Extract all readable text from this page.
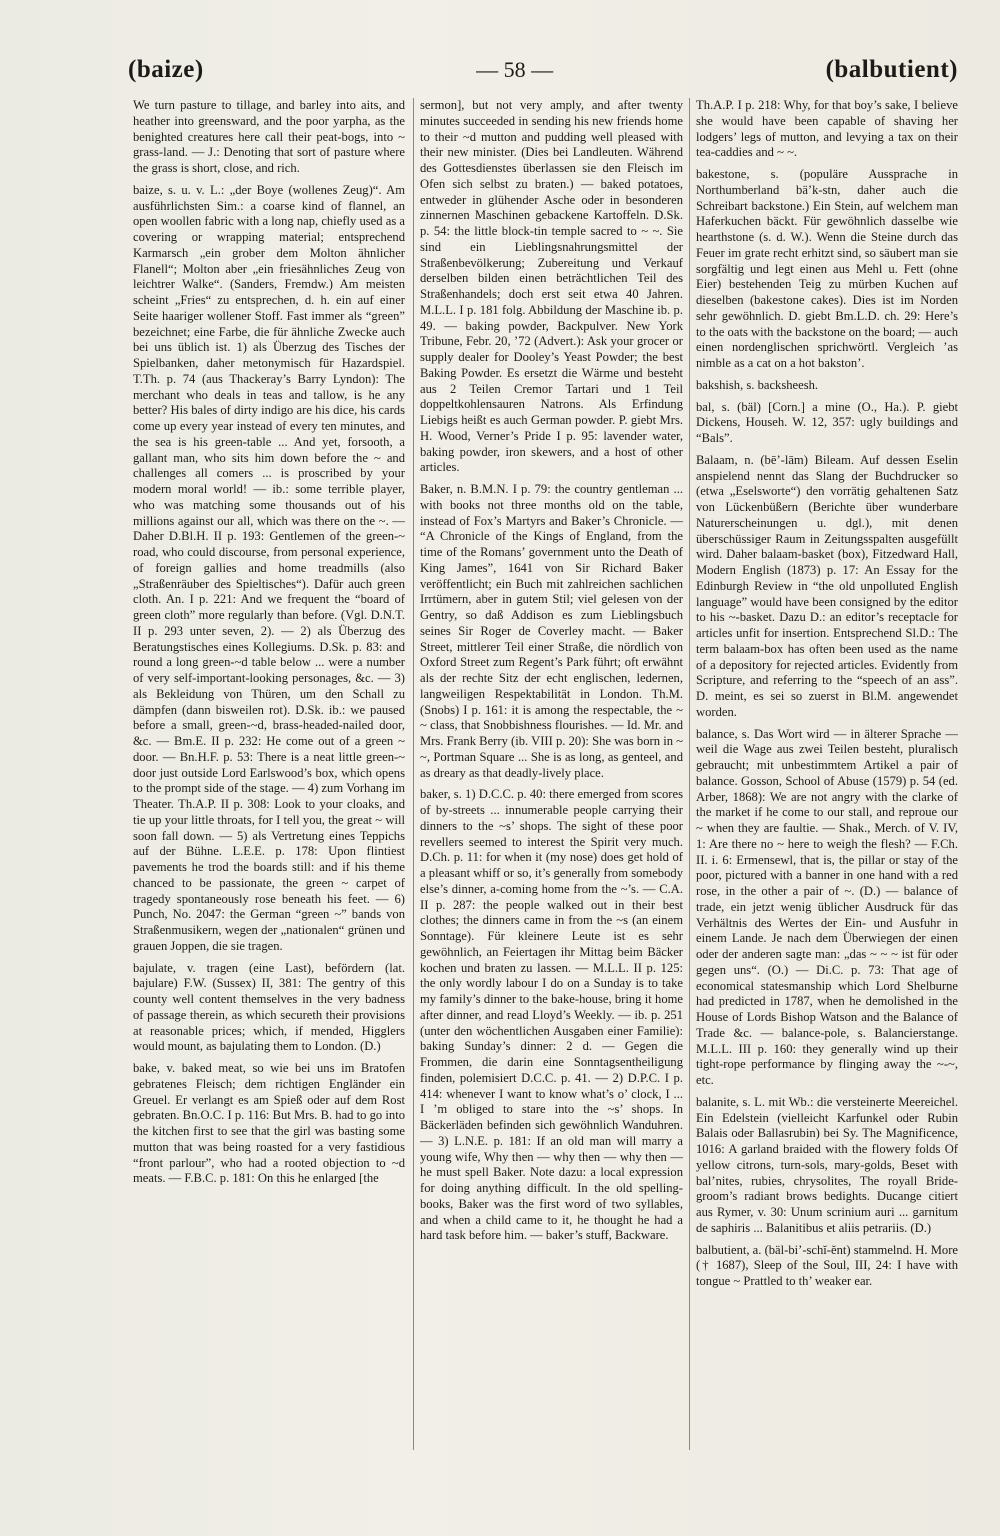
(baize)	— 58 —	(balbutient)

We turn pasture to tillage, and barley into aits, and heather into greensward, and the poor yarpha, as the benighted creatures here call their peat-bogs, into ~ grass-land. — J.: Denoting that sort of pasture where the grass is short, close, and rich.

baize, s. u. v. L.: „der Boye (wollenes Zeug)“. Am ausführlichsten Sim.: a coarse kind of flannel, an open woollen fabric with a long nap, chiefly used as a covering or wrapping material; entsprechend Karmarsch „ein grober dem Molton ähnlicher Flanell“; Molton aber „ein friesähnliches Zeug von leichtrer Walke“. (Sanders, Fremdw.) Am meisten scheint „Fries“ zu entsprechen, d. h. ein auf einer Seite haariger wollener Stoff. Fast immer als “green” bezeichnet; eine Farbe, die für ähnliche Zwecke auch bei uns üblich ist. 1) als Überzug des Tisches der Spielbanken, daher metonymisch für Hazardspiel. T.Th. p. 74 (aus Thackeray’s Barry Lyndon): The merchant who deals in teas and tallow, is he any better? His bales of dirty indigo are his dice, his cards come up every year instead of every ten minutes, and the sea is his green-table ... And yet, forsooth, a gallant man, who sits him down before the ~ and challenges all comers ... is proscribed by your modern moral world! — ib.: some terrible player, who was matching some thousands out of his millions against our all, which was there on the ~. — Daher D.Bl.H. II p. 193: Gentlemen of the green-~ road, who could discourse, from personal experience, of foreign gallies and home treadmills (also „Straßenräuber des Spieltisches“). Dafür auch green cloth. An. I p. 221: And we frequent the “board of green cloth” more regularly than before. (Vgl. D.N.T. II p. 293 unter seven, 2). — 2) als Überzug des Beratungstisches eines Kollegiums. D.Sk. p. 83: and round a long green-~d table below ... were a number of very self-important-looking personages, &c. — 3) als Bekleidung von Thüren, um den Schall zu dämpfen (dann bisweilen rot). D.Sk. ib.: we paused before a small, green-~d, brass-headed-nailed door, &c. — Bm.E. II p. 232: He come out of a green ~ door. — Bn.H.F. p. 53: There is a neat little green-~ door just outside Lord Earlswood’s box, which opens to the prompt side of the stage. — 4) zum Vorhang im Theater. Th.A.P. II p. 308: Look to your cloaks, and tie up your little throats, for I tell you, the great ~ will soon fall down. — 5) als Vertretung eines Teppichs auf der Bühne. L.E.E. p. 178: Upon flintiest pavements he trod the boards still: and if his theme chanced to be passionate, the green ~ carpet of tragedy spontaneously rose beneath his feet. — 6) Punch, No. 2047: the German “green ~” bands von Straßenmusikern, wegen der „nationalen“ grünen und grauen Joppen, die sie tragen.

bajulate, v. tragen (eine Last), befördern (lat. bajulare) F.W. (Sussex) II, 381: The gentry of this county well content themselves in the very badness of passage therein, as which secureth their provisions at reasonable prices; which, if mended, Higglers would mount, as bajulating them to London. (D.)

bake, v. baked meat, so wie bei uns im Bratofen gebratenes Fleisch; dem richtigen Engländer ein Greuel. Er verlangt es am Spieß oder auf dem Rost gebraten. Bn.O.C. I p. 116: But Mrs. B. had to go into the kitchen first to see that the girl was basting some mutton that was being roasted for a very fastidious “front parlour”, who had a rooted objection to ~d meats. — F.B.C. p. 181: On this he enlarged [the

sermon], but not very amply, and after twenty minutes succeeded in sending his new friends home to their ~d mutton and pudding well pleased with their new minister. (Dies bei Landleuten. Während des Gottesdienstes überlassen sie den Fleisch im Ofen sich selbst zu braten.) — baked potatoes, entweder in glühender Asche oder in besonderen zinnernen Maschinen gebackene Kartoffeln. D.Sk. p. 54: the little block-tin temple sacred to ~ ~. Sie sind ein Lieblingsnahrungsmittel der Straßenbevölkerung; Zubereitung und Verkauf derselben bilden einen beträchtlichen Teil des Straßenhandels; doch erst seit etwa 40 Jahren. M.L.L. I p. 181 folg. Abbildung der Maschine ib. p. 49. — baking powder, Backpulver. New York Tribune, Febr. 20, ’72 (Advert.): Ask your grocer or supply dealer for Dooley’s Yeast Powder; the best Baking Powder. Es ersetzt die Wärme und besteht aus 2 Teilen Cremor Tartari und 1 Teil doppeltkohlensauren Natrons. Als Erfindung Liebigs heißt es auch German powder. P. giebt Mrs. H. Wood, Verner’s Pride I p. 95: lavender water, baking powder, iron skewers, and a host of other articles.

Baker, n. B.M.N. I p. 79: the country gentleman ... with books not three months old on the table, instead of Fox’s Martyrs and Baker’s Chronicle. — “A Chronicle of the Kings of England, from the time of the Romans’ government unto the Death of King James”, 1641 von Sir Richard Baker veröffentlicht; ein Buch mit zahlreichen sachlichen Irrtümern, aber in gutem Stil; viel gelesen von der Gentry, so daß Addison es zum Lieblingsbuch seines Sir Roger de Coverley macht. — Baker Street, mittlerer Teil einer Straße, die nördlich von Oxford Street zum Regent’s Park führt; oft erwähnt als der rechte Sitz der echt englischen, ledernen, langweiligen Respektabilität in London. Th.M. (Snobs) I p. 161: it is among the respectable, the ~ ~ class, that Snobbishness flourishes. — Id. Mr. and Mrs. Frank Berry (ib. VIII p. 20): She was born in ~ ~, Portman Square ... She is as long, as genteel, and as dreary as that deadly-lively place.

baker, s. 1) D.C.C. p. 40: there emerged from scores of by-streets ... innumerable people carrying their dinners to the ~s’ shops. The sight of these poor revellers seemed to interest the Spirit very much. D.Ch. p. 11: for when it (my nose) does get hold of a pleasant whiff or so, it’s generally from somebody else’s dinner, a-coming home from the ~’s. — C.A. II p. 287: the people walked out in their best clothes; the dinners came in from the ~s (an einem Sonntage). Für kleinere Leute ist es sehr gewöhnlich, an Feiertagen ihr Mittag beim Bäcker kochen und braten zu lassen. — M.L.L. II p. 125: the only wordly labour I do on a Sunday is to take my family’s dinner to the bake-house, bring it home after dinner, and read Lloyd’s Weekly. — ib. p. 251 (unter den wöchentlichen Ausgaben einer Familie): baking Sunday’s dinner: 2 d. — Gegen die Frommen, die darin eine Sonntagsentheiligung finden, polemisiert D.C.C. p. 41. — 2) D.P.C. I p. 414: whenever I want to know what’s o’ clock, I ... I ’m obliged to stare into the ~s’ shops. In Bäckerläden befinden sich gewöhnlich Wanduhren. — 3) L.N.E. p. 181: If an old man will marry a young wife, Why then — why then — why then — he must spell Baker. Note dazu: a local expression for doing anything difficult. In the old spelling-books, Baker was the first word of two syllables, and when a child came to it, he thought he had a hard task before him. — baker’s stuff, Backware.

Th.A.P. I p. 218: Why, for that boy’s sake, I believe she would have been capable of shaving her lodgers’ legs of mutton, and levying a tax on their tea-caddies and ~ ~.

bakestone, s. (populäre Aussprache in Northumberland bä’k-stn, daher auch die Schreibart backstone.) Ein Stein, auf welchem man Haferkuchen bäckt. Für gewöhnlich dasselbe wie hearthstone (s. d. W.). Wenn die Steine durch das Feuer im grate recht erhitzt sind, so säubert man sie sorgfältig und legt einen aus Mehl u. Fett (ohne Eier) bestehenden Teig zu mürben Kuchen auf dieselben (bakestone cakes). Dies ist im Norden sehr gewöhnlich. D. giebt Bm.L.D. ch. 29: Here’s to the oats with the backstone on the board; — auch einen nordenglischen sprichwörtl. Vergleich ’as nimble as a cat on a hot bakston’.

bakshish, s. backsheesh.

bal, s. (bäl) [Corn.] a mine (O., Ha.). P. giebt Dickens, Househ. W. 12, 357: ugly buildings and “Bals”.

Balaam, n. (bē’-lām) Bileam. Auf dessen Eselin anspielend nennt das Slang der Buchdrucker so (etwa „Eselsworte“) den vorrätig gehaltenen Satz von Lückenbüßern (Berichte über wunderbare Naturerscheinungen u. dgl.), mit denen überschüssiger Raum in Zeitungsspalten ausgefüllt wird. Daher balaam-basket (box), Fitzedward Hall, Modern English (1873) p. 17: An Essay for the Edinburgh Review in “the old unpolluted English language” would have been consigned by the editor to his ~-basket. Dazu D.: an editor’s receptacle for articles unfit for insertion. Entsprechend Sl.D.: The term balaam-box has often been used as the name of a depository for rejected articles. Evidently from Scripture, and referring to the “speech of an ass”. D. meint, es sei so zuerst in Bl.M. angewendet worden.

balance, s. Das Wort wird — in älterer Sprache — weil die Wage aus zwei Teilen besteht, pluralisch gebraucht; mit unbestimmtem Artikel a pair of balance. Gosson, School of Abuse (1579) p. 54 (ed. Arber, 1868): We are not angry with the clarke of the market if he come to our stall, and reproue our ~ when they are faultie. — Shak., Merch. of V. IV, 1: Are there no ~ here to weigh the flesh? — F.Ch. II. i. 6: Ermensewl, that is, the pillar or stay of the poor, pictured with a banner in one hand with a red rose, in the other a pair of ~. (D.) — balance of trade, ein jetzt wenig üblicher Ausdruck für das Verhältnis des Wertes der Ein- und Ausfuhr in einem Lande. Je nach dem Überwiegen der einen oder der anderen sagte man: „das ~ ~ ~ ist für oder gegen uns“. (O.) — Di.C. p. 73: That age of economical statesmanship which Lord Shelburne had predicted in 1787, when he demolished in the House of Lords Bishop Watson and the Balance of Trade &c. — balance-pole, s. Balancierstange. M.L.L. III p. 160: they generally wind up their tight-rope performance by flinging away the ~-~, etc.

balanite, s. L. mit Wb.: die versteinerte Meereichel. Ein Edelstein (vielleicht Karfunkel oder Rubin Balais oder Ballasrubin) bei Sy. The Magnificence, 1016: A garland braided with the flowery folds Of yellow citrons, turn-sols, mary-golds, Beset with bal’nites, rubies, chrysolites, The royall Bride-groom’s radiant brows bedights. Ducange citiert aus Rymer, v. 30: Unum scrinium auri ... garnitum de saphiris ... Balanitibus et aliis petrariis. (D.)

balbutient, a. (bäl-bi’-schĭ-ĕnt) stammelnd. H. More († 1687), Sleep of the Soul, III, 24: I have with tongue ~ Prattled to th’ weaker ear.
